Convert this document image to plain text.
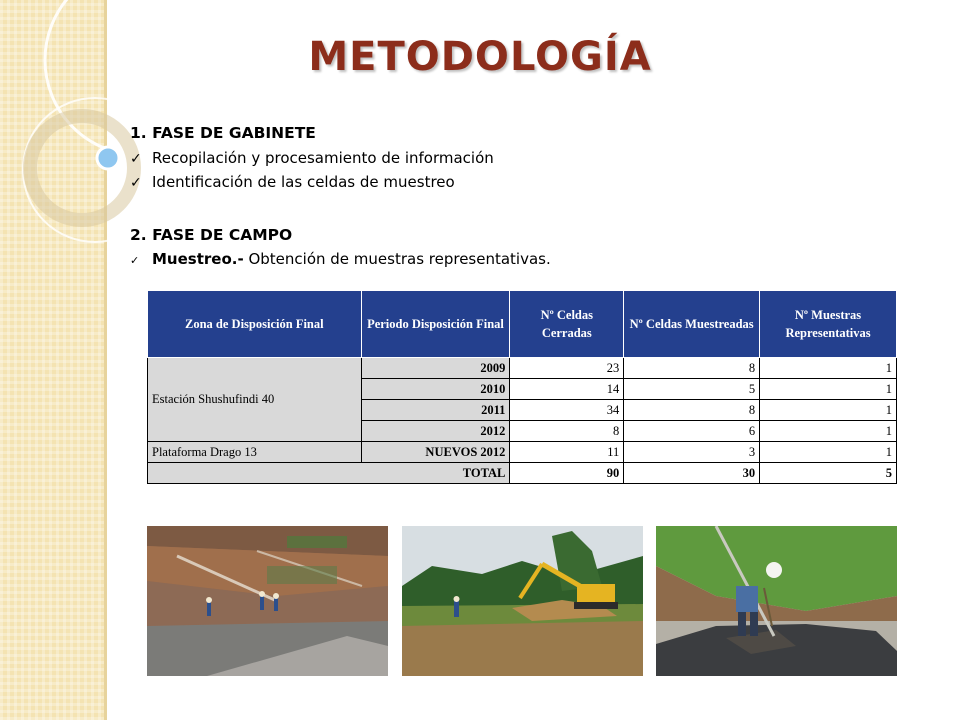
METODOLOGÍA
1. FASE DE GABINETE
✓ Recopilación y procesamiento de información
✓ Identificación de las celdas de muestreo
2. FASE DE CAMPO
✓ Muestreo.- Obtención de muestras representativas.
Zona de Disposición Final	Periodo Disposición Final	Nº Celdas Cerradas	Nº Celdas Muestreadas	Nº Muestras Representativas
Estación Shushufindi 40	2009	23	8	1
	2010	14	5	1
	2011	34	8	1
	2012	8	6	1
Plataforma Drago 13	NUEVOS 2012	11	3	1
TOTAL		90	30	5
